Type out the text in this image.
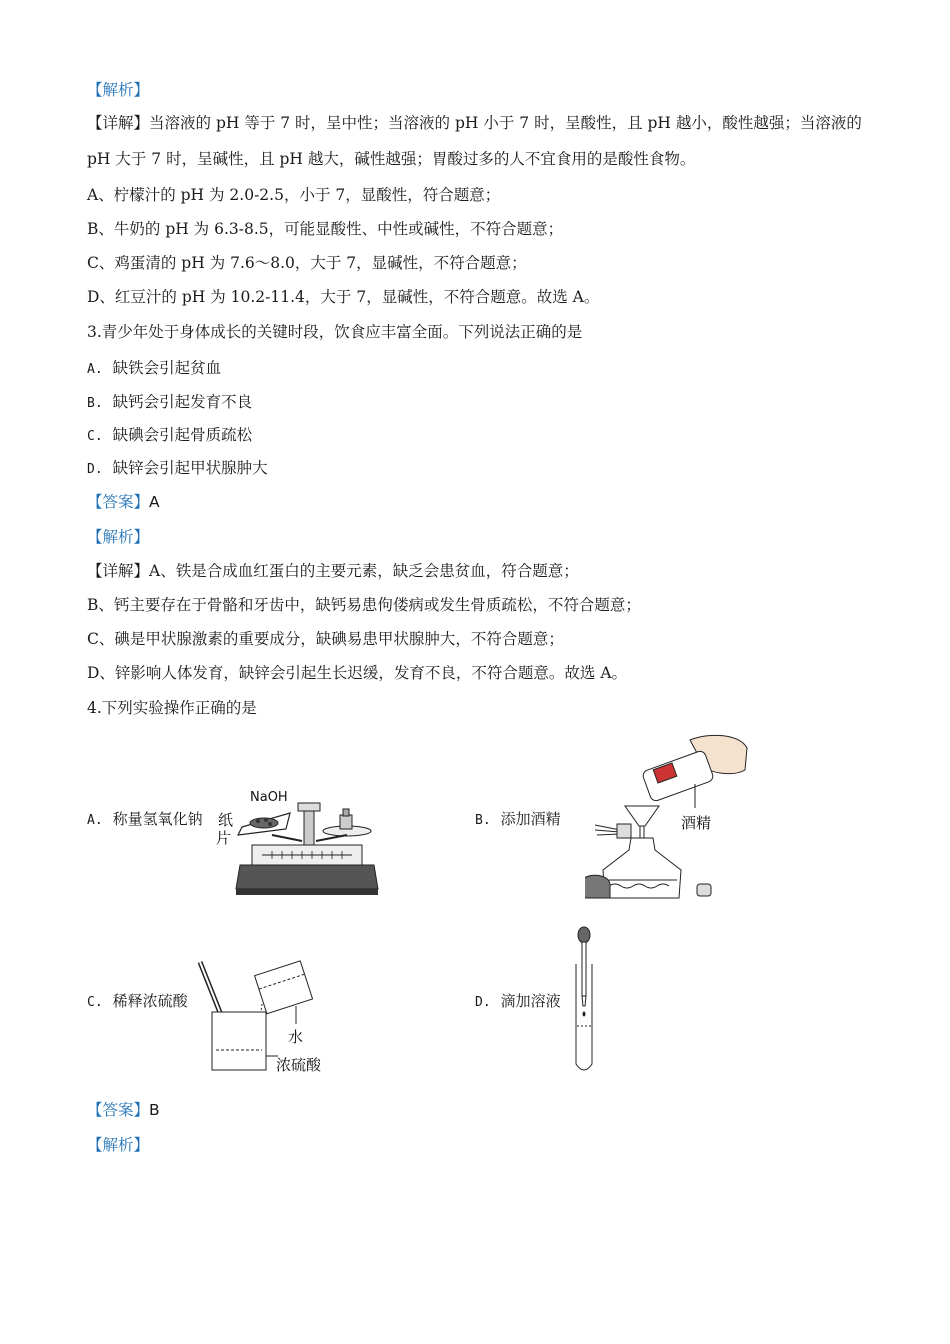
【解析】
【详解】当溶液的 pH 等于 7 时，呈中性；当溶液的 pH 小于 7 时，呈酸性，且 pH 越小，酸性越强；当溶液的 pH 大于 7 时，呈碱性，且 pH 越大，碱性越强；胃酸过多的人不宜食用的是酸性食物。
A、柠檬汁的 pH 为 2.0-2.5，小于 7，显酸性，符合题意；
B、牛奶的 pH 为 6.3-8.5，可能显酸性、中性或碱性，不符合题意；
C、鸡蛋清的 pH 为 7.6～8.0，大于 7，显碱性，不符合题意；
D、红豆汁的 pH 为 10.2-11.4，大于 7，显碱性，不符合题意。故选 A。
3.青少年处于身体成长的关键时段，饮食应丰富全面。下列说法正确的是
A. 缺铁会引起贫血
B. 缺钙会引起发育不良
C. 缺碘会引起骨质疏松
D. 缺锌会引起甲状腺肿大
【答案】A
【解析】
【详解】A、铁是合成血红蛋白的主要元素，缺乏会患贫血，符合题意；
B、钙主要存在于骨骼和牙齿中，缺钙易患佝偻病或发生骨质疏松，不符合题意；
C、碘是甲状腺激素的重要成分，缺碘易患甲状腺肿大，不符合题意；
D、锌影响人体发育，缺锌会引起生长迟缓，发育不良，不符合题意。故选 A。
4.下列实验操作正确的是
A. 称量氢氧化钠	B. 添加酒精
C. 稀释浓硫酸	D. 滴加溶液
NaOH
纸
片
酒精
水
浓硫酸
【答案】B
【解析】
